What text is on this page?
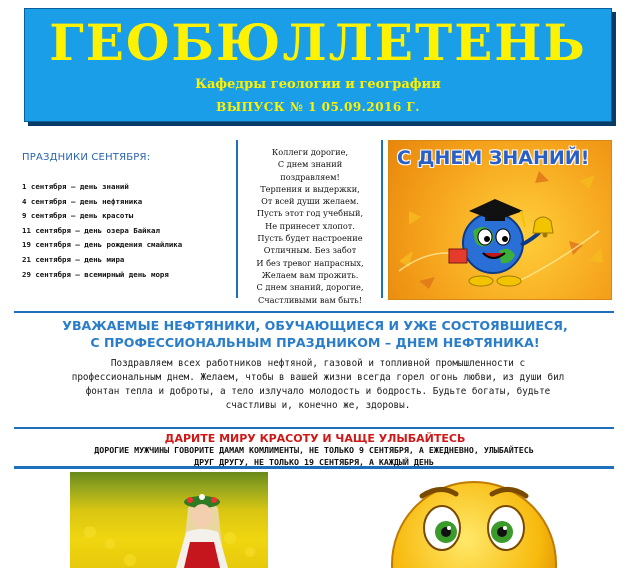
ГЕОБЮЛЛЕТЕНЬ
Кафедры геологии и географии
ВЫПУСК № 1 05.09.2016 Г.
ПРАЗДНИКИ СЕНТЯБРЯ:
1 сентября – день знаний
4 сентября – день нефтяника
9 сентября – день красоты
11 сентября – день озера Байкал
19 сентября – день рождения смайлика
21 сентября – день мира
29 сентября – всемирный день моря
Коллеги дорогие,
С днем знаний
поздравляем!
Терпения и выдержки,
От всей души желаем.
Пусть этот год учебный,
Не принесет хлопот.
Пусть будет настроение
Отличным. Без забот
И без тревог напрасных,
Желаем вам прожить.
С днем знаний, дорогие,
Счастливыми вам быть!
С ДНЕМ ЗНАНИЙ!
УВАЖАЕМЫЕ НЕФТЯНИКИ, ОБУЧАЮЩИЕСЯ И УЖЕ СОСТОЯВШИЕСЯ,
С ПРОФЕССИОНАЛЬНЫМ ПРАЗДНИКОМ – ДНЕМ НЕФТЯНИКА!
Поздравляем всех работников нефтяной, газовой и топливной промышленности с
профессиональным днем. Желаем, чтобы в вашей жизни всегда горел огонь любви, из души бил
фонтан тепла и доброты, а тело излучало молодость и бодрость. Будьте богаты, будьте
счастливы и, конечно же, здоровы.
ДАРИТЕ МИРУ КРАСОТУ И ЧАЩЕ УЛЫБАЙТЕСЬ
ДОРОГИЕ МУЖЧИНЫ ГОВОРИТЕ ДАМАМ КОМЛИМЕНТЫ, НЕ ТОЛЬКО 9 СЕНТЯБРЯ, А ЕЖЕДНЕВНО, УЛЫБАЙТЕСЬ
ДРУГ ДРУГУ, НЕ ТОЛЬКО 19 СЕНТЯБРЯ, А КАЖДЫЙ ДЕНЬ
